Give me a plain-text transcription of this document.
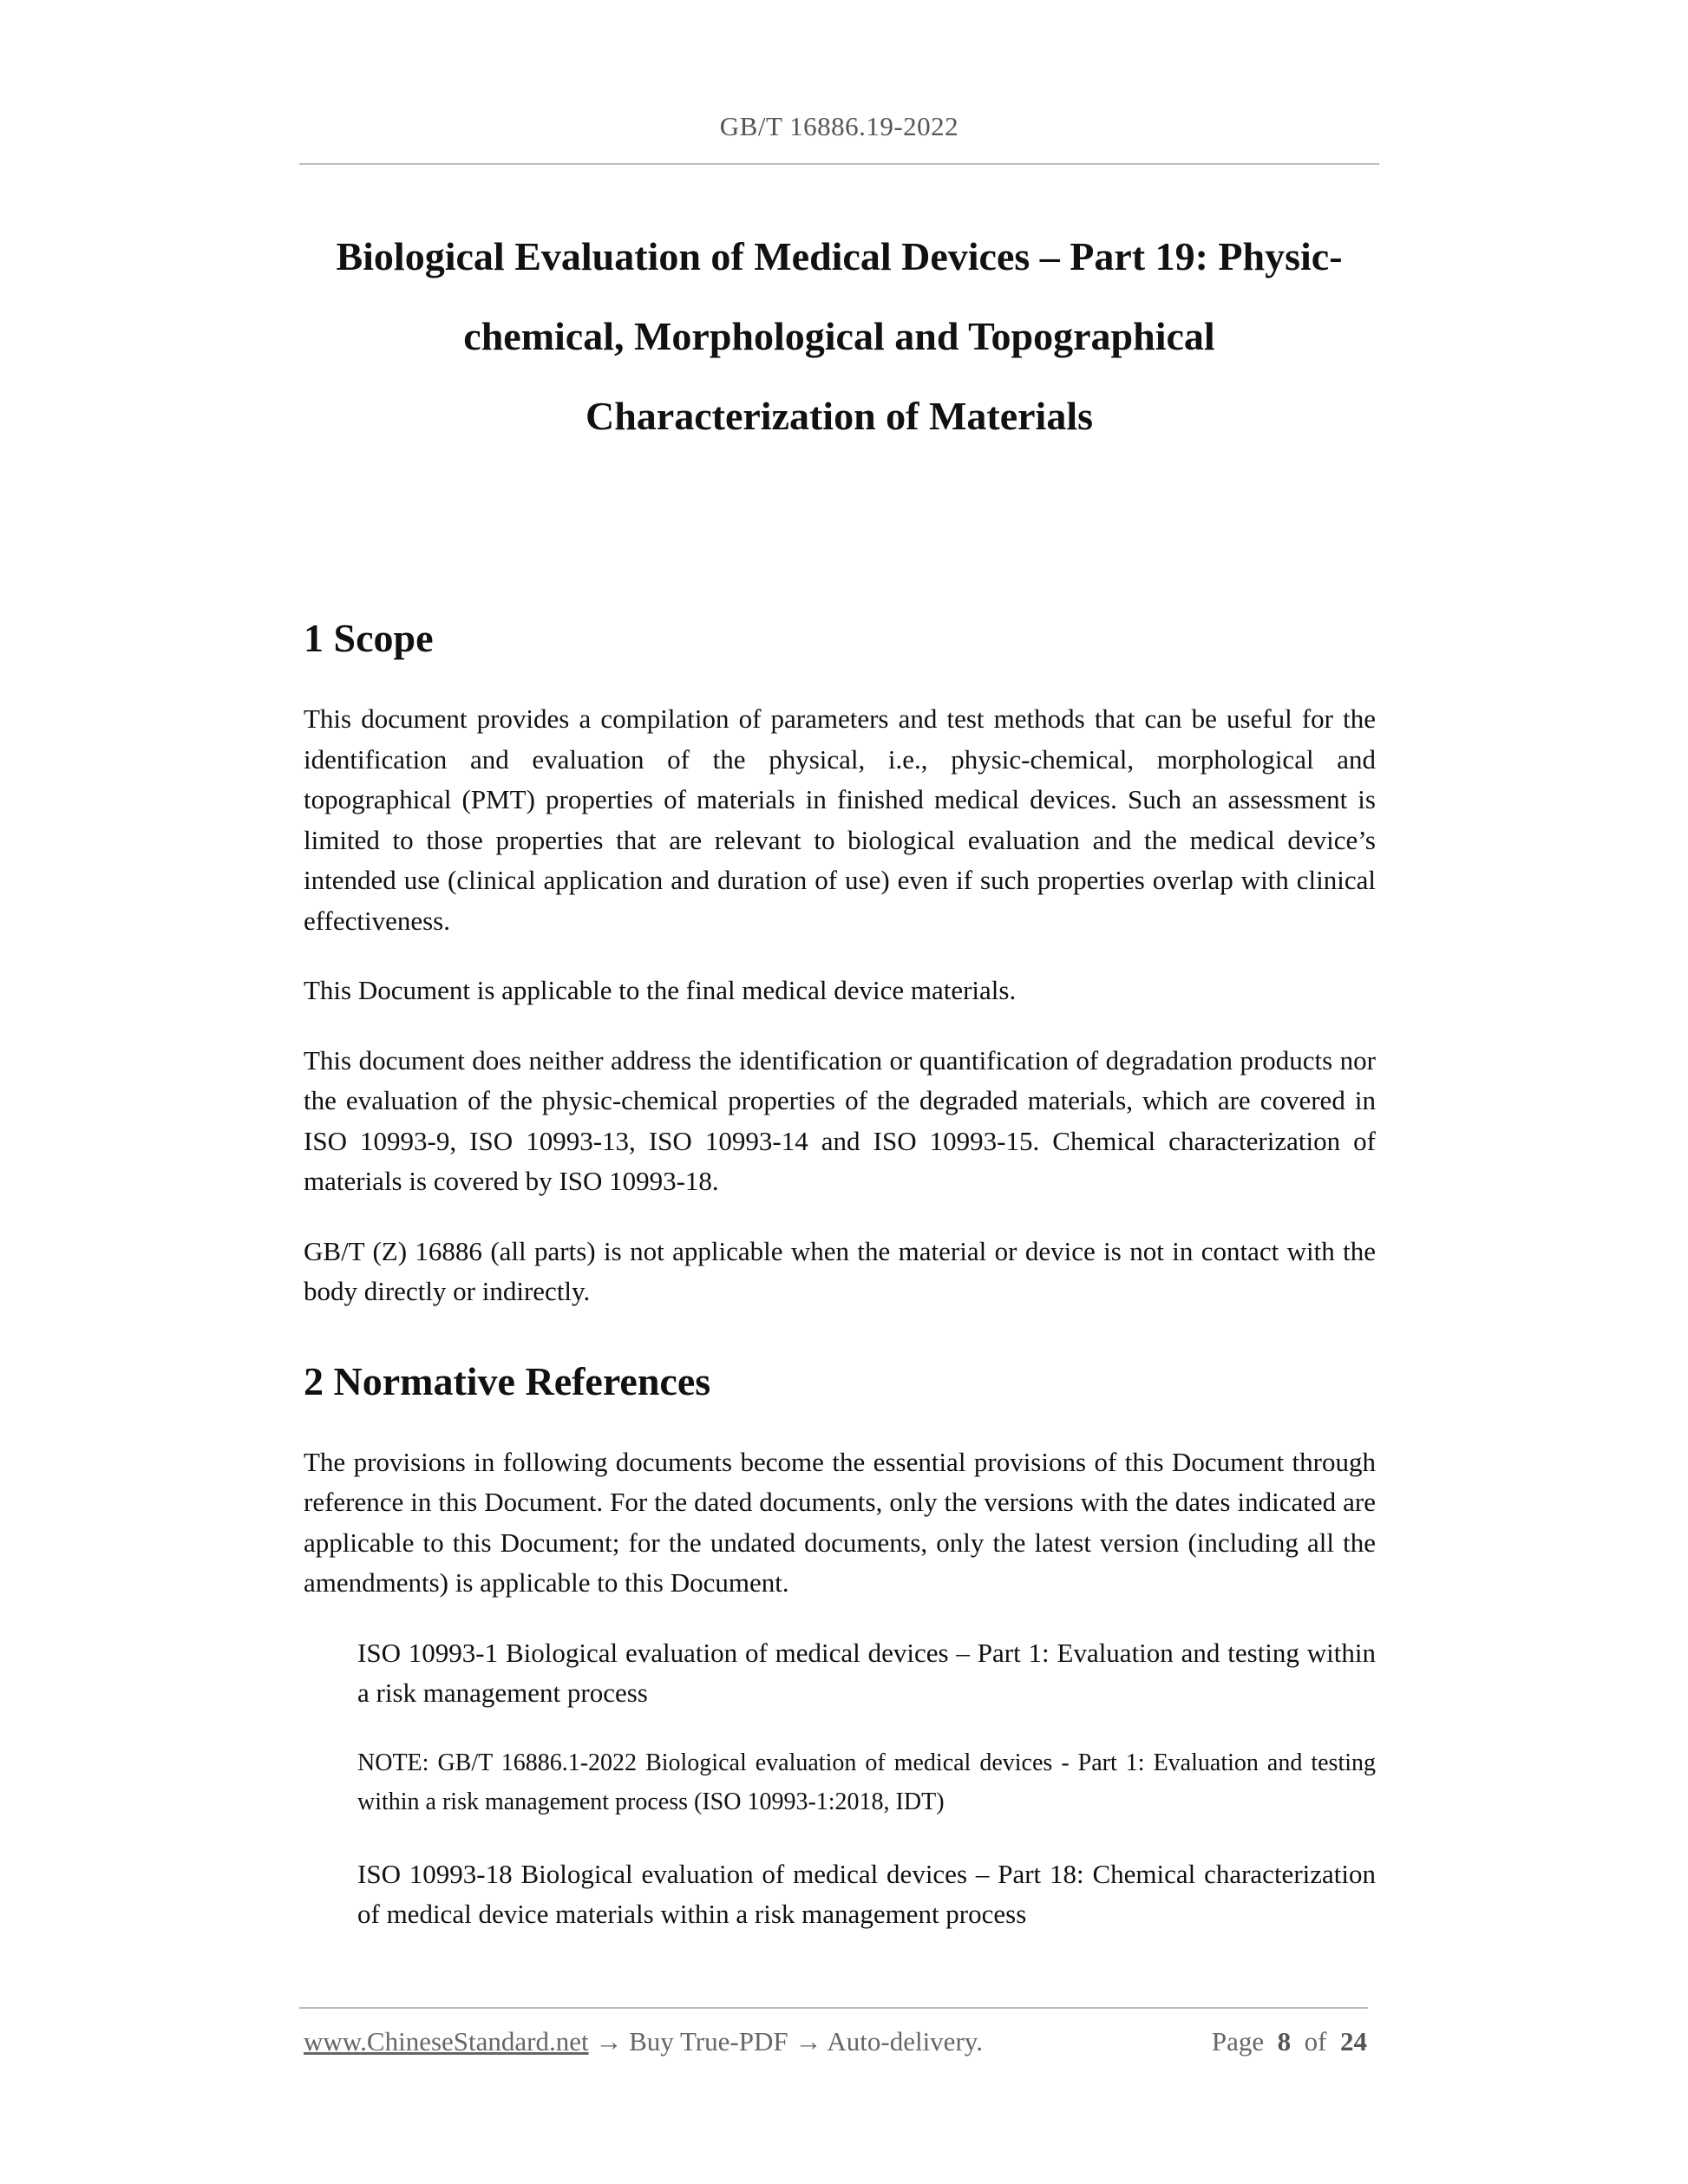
GB/T 16886.19-2022
Biological Evaluation of Medical Devices – Part 19: Physic-
chemical, Morphological and Topographical
Characterization of Materials
1 Scope

This document provides a compilation of parameters and test methods that can be useful for the identification and evaluation of the physical, i.e., physic-chemical, morphological and topographical (PMT) properties of materials in finished medical devices. Such an assessment is limited to those properties that are relevant to biological evaluation and the medical device’s intended use (clinical application and duration of use) even if such properties overlap with clinical effectiveness.

This Document is applicable to the final medical device materials.

This document does neither address the identification or quantification of degradation products nor the evaluation of the physic-chemical properties of the degraded materials, which are covered in ISO 10993-9, ISO 10993-13, ISO 10993-14 and ISO 10993-15. Chemical characterization of materials is covered by ISO 10993-18.

GB/T (Z) 16886 (all parts) is not applicable when the material or device is not in contact with the body directly or indirectly.

2 Normative References

The provisions in following documents become the essential provisions of this Document through reference in this Document. For the dated documents, only the versions with the dates indicated are applicable to this Document; for the undated documents, only the latest version (including all the amendments) is applicable to this Document.

ISO 10993-1 Biological evaluation of medical devices – Part 1: Evaluation and testing within a risk management process

NOTE: GB/T 16886.1-2022 Biological evaluation of medical devices - Part 1: Evaluation and testing within a risk management process (ISO 10993-1:2018, IDT)

ISO 10993-18 Biological evaluation of medical devices – Part 18: Chemical characterization of medical device materials within a risk management process

www.ChineseStandard.net → Buy True-PDF → Auto-delivery.	Page 8 of 24
